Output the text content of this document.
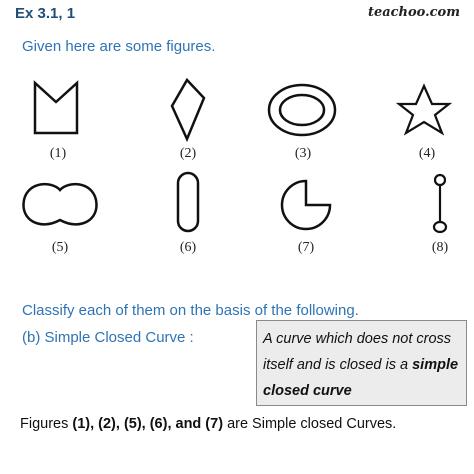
Ex 3.1, 1	teachoo.com
Given here are some figures.
(1)	(2)	(3)	(4)
(5)	(6)	(7)	(8)
Classify each of them on the basis of the following.
(b) Simple Closed Curve :	A curve which does not cross
itself and is closed is a simple
closed curve
Figures (1), (2), (5), (6), and (7) are Simple closed Curves.
